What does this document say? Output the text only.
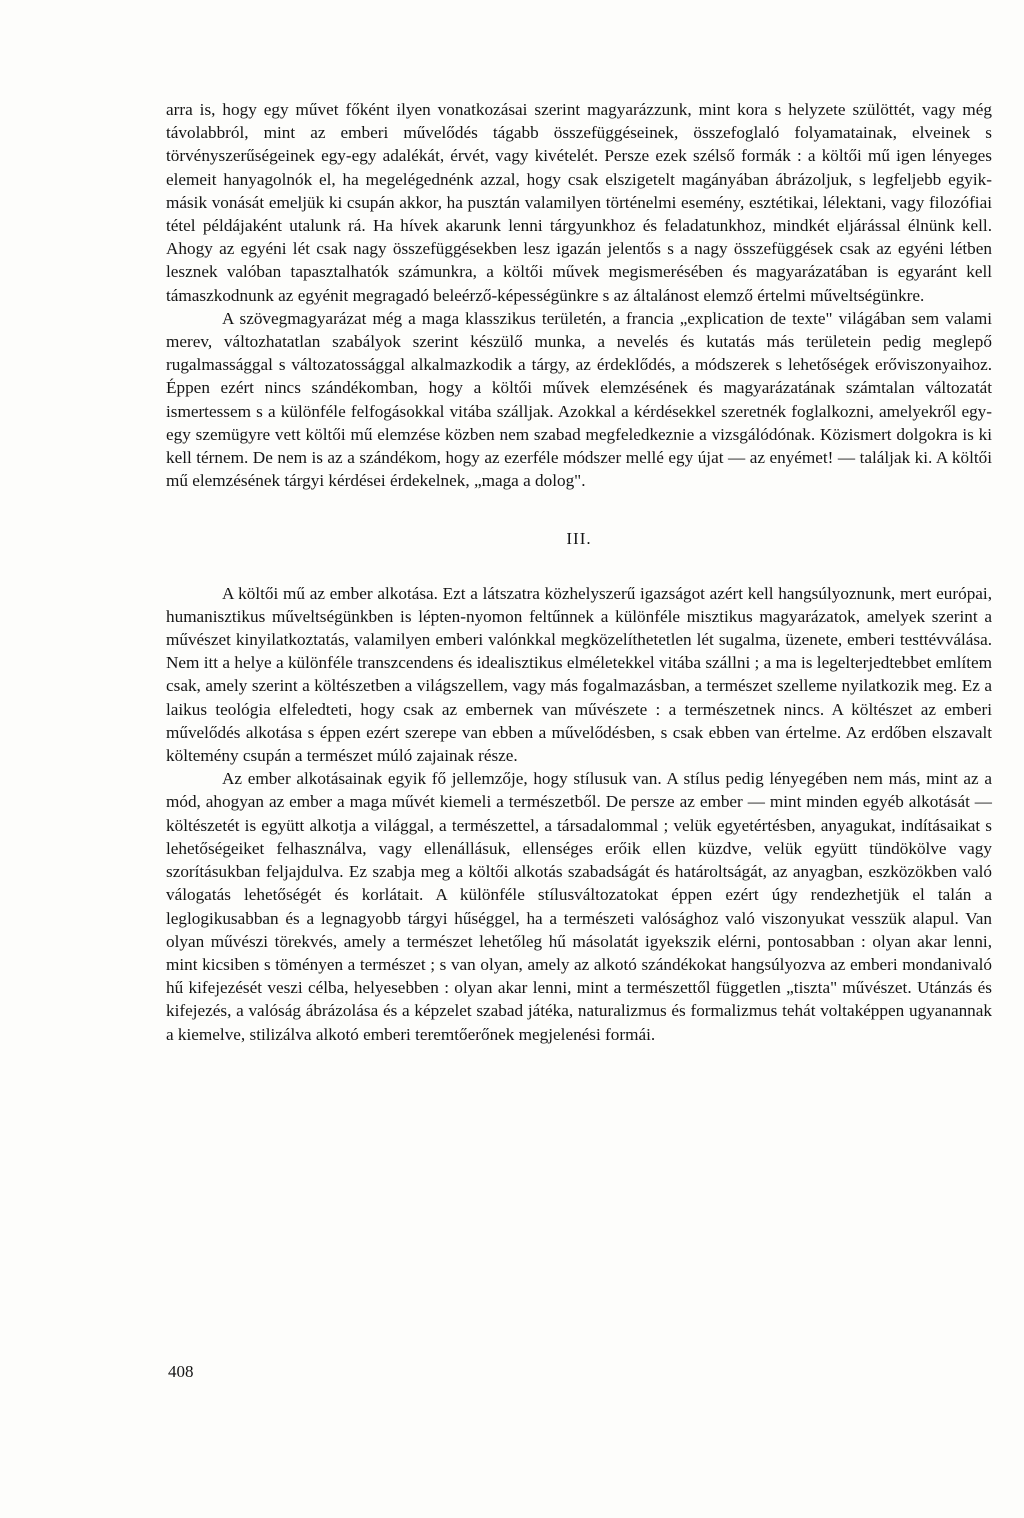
arra is, hogy egy művet főként ilyen vonatkozásai szerint magyarázzunk, mint kora s helyzete szülöttét, vagy még távolabbról, mint az emberi művelődés tágabb összefüggéseinek, összefoglaló folyamatainak, elveinek s törvényszerűségeinek egy-egy adalékát, érvét, vagy kivételét. Persze ezek szélső formák : a költői mű igen lényeges elemeit hanyagolnók el, ha megelégednénk azzal, hogy csak elszigetelt magányában ábrázoljuk, s legfeljebb egyik-másik vonását emeljük ki csupán akkor, ha pusztán valamilyen történelmi esemény, esztétikai, lélektani, vagy filozófiai tétel példájaként utalunk rá. Ha hívek akarunk lenni tárgyunkhoz és feladatunkhoz, mindkét eljárással élnünk kell. Ahogy az egyéni lét csak nagy összefüggésekben lesz igazán jelentős s a nagy összefüggések csak az egyéni létben lesznek valóban tapasztalhatók számunkra, a költői művek megismerésében és magyarázatában is egyaránt kell támaszkodnunk az egyénit megragadó beleérző-képességünkre s az általánost elemző értelmi műveltségünkre.

A szövegmagyarázat még a maga klasszikus területén, a francia „explication de texte" világában sem valami merev, változhatatlan szabályok szerint készülő munka, a nevelés és kutatás más területein pedig meglepő rugalmassággal s változatossággal alkalmazkodik a tárgy, az érdeklődés, a módszerek s lehetőségek erőviszonyaihoz. Éppen ezért nincs szándékomban, hogy a költői művek elemzésének és magyarázatának számtalan változatát ismertessem s a különféle felfogásokkal vitába szálljak. Azokkal a kérdésekkel szeretnék foglalkozni, amelyekről egy-egy szemügyre vett költői mű elemzése közben nem szabad megfeledkeznie a vizsgálódónak. Közismert dolgokra is ki kell térnem. De nem is az a szándékom, hogy az ezerféle módszer mellé egy újat — az enyémet! — találjak ki. A költői mű elemzésének tárgyi kérdései érdekelnek, „maga a dolog".

III.

A költői mű az ember alkotása. Ezt a látszatra közhelyszerű igazságot azért kell hangsúlyoznunk, mert európai, humanisztikus műveltségünkben is lépten-nyomon feltűnnek a különféle misztikus magyarázatok, amelyek szerint a művészet kinyilatkoztatás, valamilyen emberi valónkkal megközelíthetetlen lét sugalma, üzenete, emberi testtévválása. Nem itt a helye a különféle transzcendens és idealisztikus elméletekkel vitába szállni ; a ma is legelterjedtebbet említem csak, amely szerint a költészetben a világszellem, vagy más fogalmazásban, a természet szelleme nyilatkozik meg. Ez a laikus teológia elfeledteti, hogy csak az embernek van művészete : a természetnek nincs. A költészet az emberi művelődés alkotása s éppen ezért szerepe van ebben a művelődésben, s csak ebben van értelme. Az erdőben elszavalt költemény csupán a természet múló zajainak része.

Az ember alkotásainak egyik fő jellemzője, hogy stílusuk van. A stílus pedig lényegében nem más, mint az a mód, ahogyan az ember a maga művét kiemeli a természetből. De persze az ember — mint minden egyéb alkotását — költészetét is együtt alkotja a világgal, a természettel, a társadalommal ; velük egyetértésben, anyagukat, indításaikat s lehetőségeiket felhasználva, vagy ellenállásuk, ellenséges erőik ellen küzdve, velük együtt tündökölve vagy szorításukban feljajdulva. Ez szabja meg a költői alkotás szabadságát és határoltságát, az anyagban, eszközökben való válogatás lehetőségét és korlátait. A különféle stílusváltozatokat éppen ezért úgy rendezhetjük el talán a leglogikusabban és a legnagyobb tárgyi hűséggel, ha a természeti valósághoz való viszonyukat vesszük alapul. Van olyan művészi törekvés, amely a természet lehetőleg hű másolatát igyekszik elérni, pontosabban : olyan akar lenni, mint kicsiben s töményen a természet ; s van olyan, amely az alkotó szándékokat hangsúlyozva az emberi mondanivaló hű kifejezését veszi célba, helyesebben : olyan akar lenni, mint a természettől független „tiszta" művészet. Utánzás és kifejezés, a valóság ábrázolása és a képzelet szabad játéka, naturalizmus és formalizmus tehát voltaképpen ugyanannak a kiemelve, stilizálva alkotó emberi teremtőerőnek megjelenési formái.

408
